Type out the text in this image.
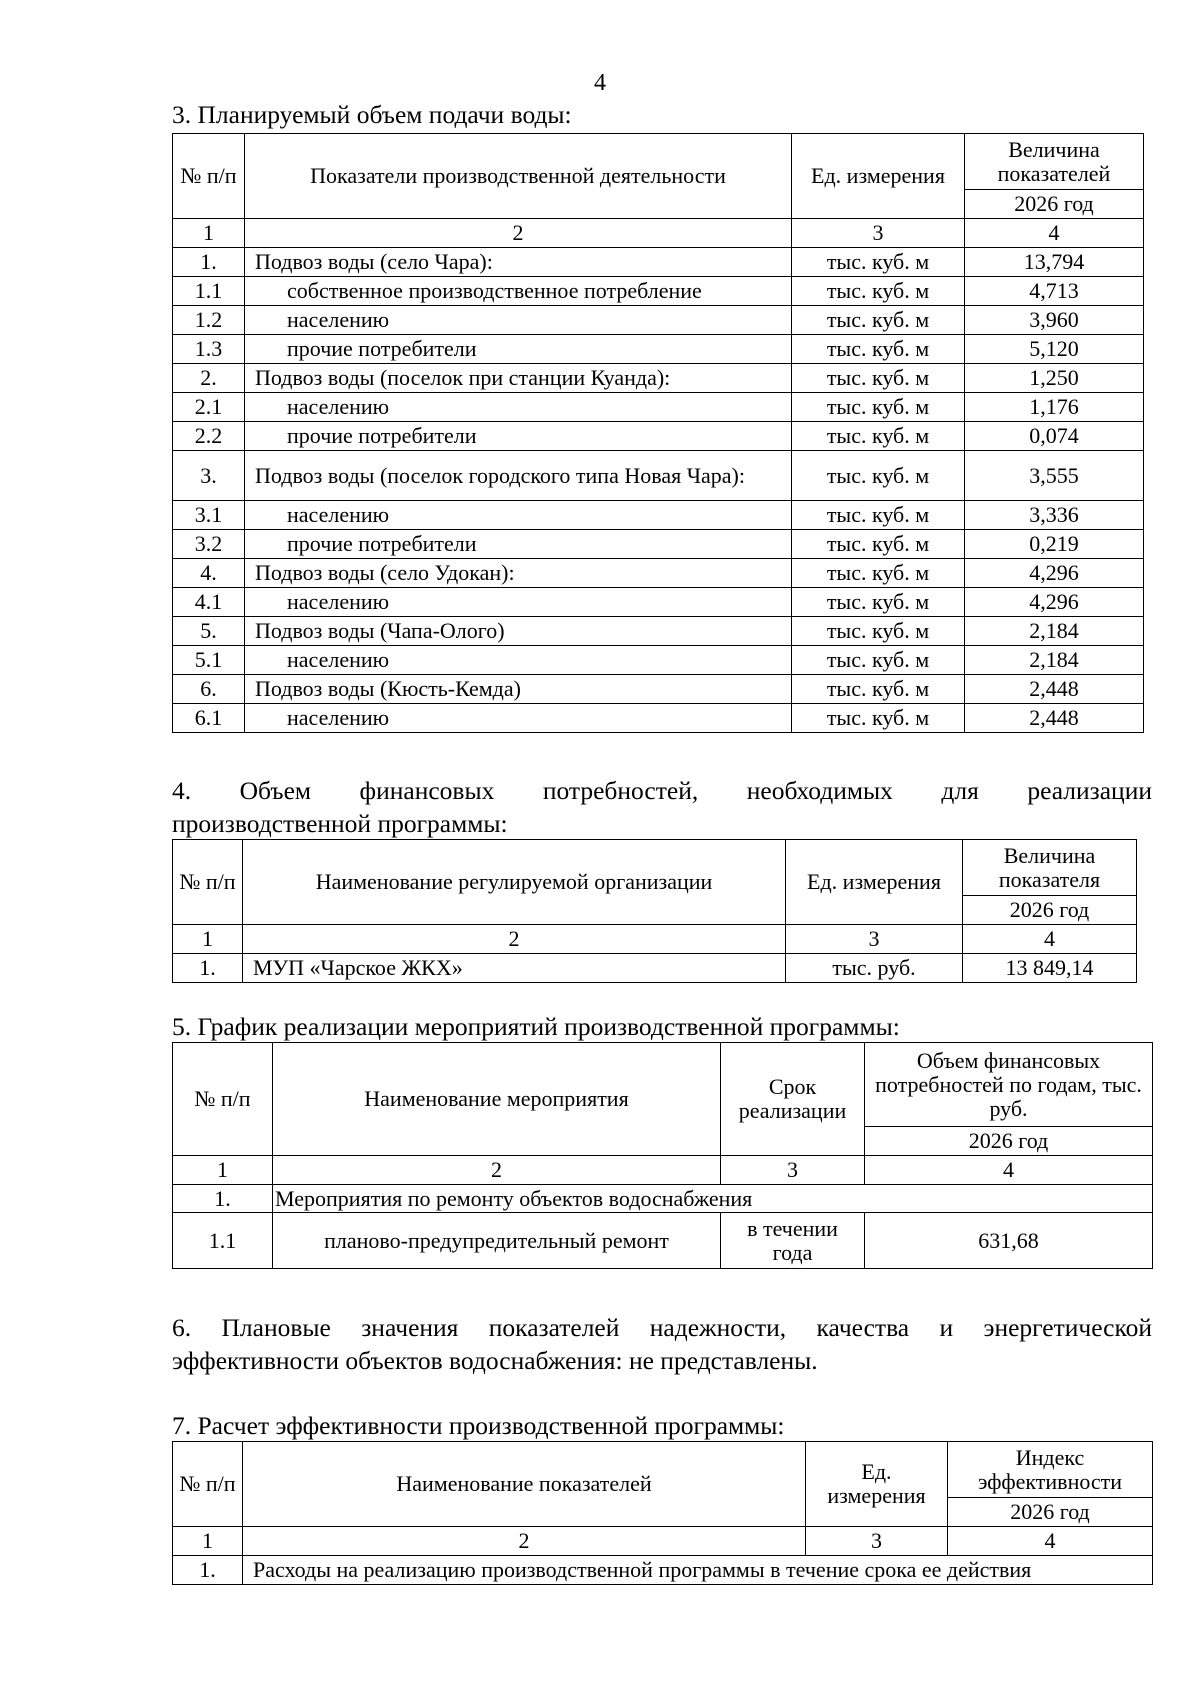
4
3. Планируемый объем подачи воды:
№ п/п	Показатели производственной деятельности	Ед. измерения	Величина показателей
			2026 год
1	2	3	4
1.	Подвоз воды (село Чара):	тыс. куб. м	13,794
1.1	собственное производственное потребление	тыс. куб. м	4,713
1.2	населению	тыс. куб. м	3,960
1.3	прочие потребители	тыс. куб. м	5,120
2.	Подвоз воды (поселок при станции Куанда):	тыс. куб. м	1,250
2.1	населению	тыс. куб. м	1,176
2.2	прочие потребители	тыс. куб. м	0,074
3.	Подвоз воды (поселок городского типа Новая Чара):	тыс. куб. м	3,555
3.1	населению	тыс. куб. м	3,336
3.2	прочие потребители	тыс. куб. м	0,219
4.	Подвоз воды (село Удокан):	тыс. куб. м	4,296
4.1	населению	тыс. куб. м	4,296
5.	Подвоз воды (Чапа-Олого)	тыс. куб. м	2,184
5.1	населению	тыс. куб. м	2,184
6.	Подвоз воды (Кюсть-Кемда)	тыс. куб. м	2,448
6.1	населению	тыс. куб. м	2,448
4. Объем финансовых потребностей, необходимых для реализации
производственной программы:
№ п/п	Наименование регулируемой организации	Ед. измерения	Величина показателя
			2026 год
1	2	3	4
1.	МУП «Чарское ЖКХ»	тыс. руб.	13 849,14
5. График реализации мероприятий производственной программы:
№ п/п	Наименование мероприятия	Срок реализации	Объем финансовых потребностей по годам, тыс. руб.
			2026 год
1	2	3	4
1.	Мероприятия по ремонту объектов водоснабжения		
1.1	планово-предупредительный ремонт	в течении года	631,68
6. Плановые значения показателей надежности, качества и энергетической
эффективности объектов водоснабжения: не представлены.
7. Расчет эффективности производственной программы:
№ п/п	Наименование показателей	Ед. измерения	Индекс эффективности
			2026 год
1	2	3	4
1.	Расходы на реализацию производственной программы в течение срока ее действия		
